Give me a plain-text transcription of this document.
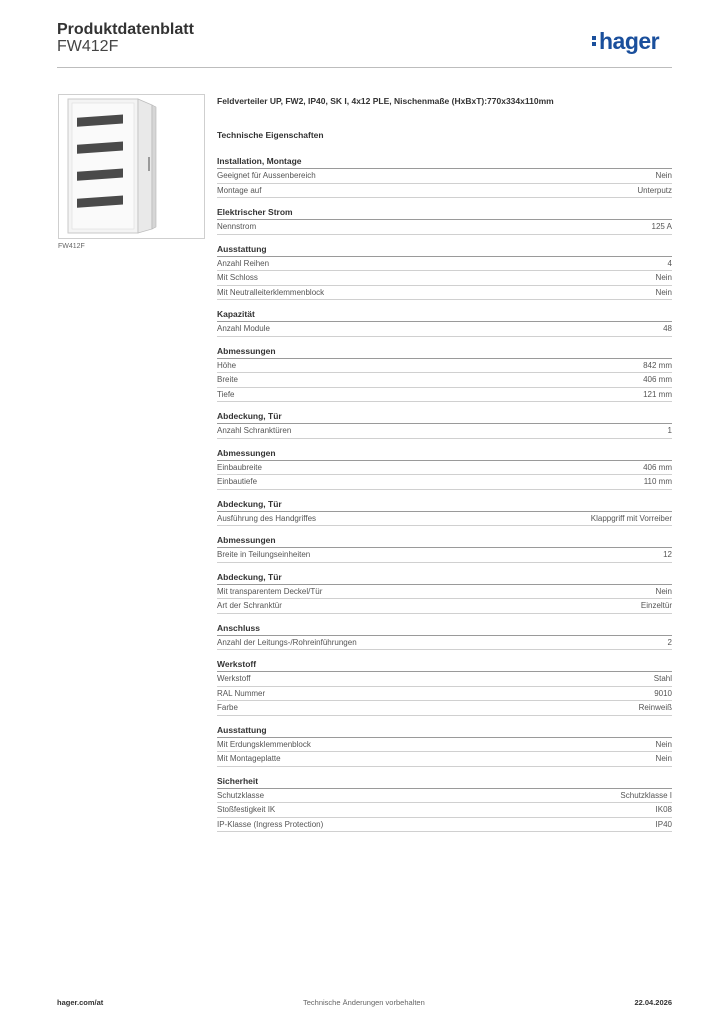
Produktdatenblatt
FW412F	hager
FW412F
Feldverteiler UP, FW2, IP40, SK I, 4x12 PLE, Nischenmaße (HxBxT):770x334x110mm
Technische Eigenschaften
Installation, Montage
Geeignet für Aussenbereich	Nein
Montage auf	Unterputz
Elektrischer Strom
Nennstrom	125 A
Ausstattung
Anzahl Reihen	4
Mit Schloss	Nein
Mit Neutralleiterklemmenblock	Nein
Kapazität
Anzahl Module	48
Abmessungen
Höhe	842 mm
Breite	406 mm
Tiefe	121 mm
Abdeckung, Tür
Anzahl Schranktüren	1
Abmessungen
Einbaubreite	406 mm
Einbautiefe	110 mm
Abdeckung, Tür
Ausführung des Handgriffes	Klappgriff mit Vorreiber
Abmessungen
Breite in Teilungseinheiten	12
Abdeckung, Tür
Mit transparentem Deckel/Tür	Nein
Art der Schranktür	Einzeltür
Anschluss
Anzahl der Leitungs-/Rohreinführungen	2
Werkstoff
Werkstoff	Stahl
RAL Nummer	9010
Farbe	Reinweiß
Ausstattung
Mit Erdungsklemmenblock	Nein
Mit Montageplatte	Nein
Sicherheit
Schutzklasse	Schutzklasse I
Stoßfestigkeit IK	IK08
IP-Klasse (Ingress Protection)	IP40
hager.com/at	Technische Änderungen vorbehalten	22.04.2026
